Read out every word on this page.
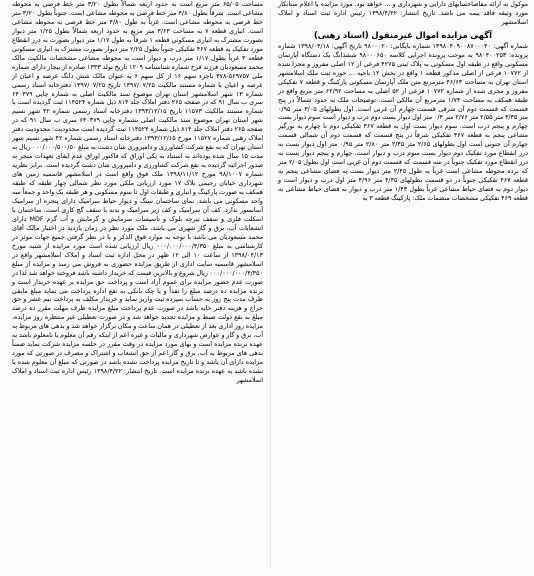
موکول به ارائه مفاصاحسابهای دارایی و شهرداری و ... خواهد بود. مورد مزایده با اعلام ستانکار مورد وثیقه فاقد بیمه می باشد. تاریخ انتشار: ۱۳۹۸/۴/۲۲ رئیس اداره ثبت اسناد و املاک اسلامشهر
آگهی مزایده اموال غیرمنقول (اسناد رهنی)
شماره آگهی: ۱۳۹۸۰۴۰۹۰۰۸۷۰۰۰۴۰ شماره بایگانی: ۹۸۰۰۰۲۰ تاریخ آگهی: ۱۳۹۸/۰۴/۱۸ شماره پرونده: ۹۸۰۴۰۰۲۵۳ به موجب پرونده اجرایی کلاسه ۹۸۰۰۰۶۵۰ ششدانگ یک دستگاه آپارتمان مسکونی واقع در طبقه اول مسکونی به پلاک ثبتی ۴۲۷۵ فرعی از ۱۲ اصلی مفروز و مجزا شده از ۱۰۷۷۲ فرعی از اصلی مذکور قطعه ۱ واقع در بخش ۱۲ ناحیه ... حوزه ثبت ملک اسلامشهر استان تهران به مساحت ۴۶/۶۳ مترمربع متن ملک آپارتمان مسکونی پارکینگ و قطعه ۷ تفکیکی مفروز و مجزی شده از شماره ۱۰۷۷۲ فرعی از ۵۲ اصلی به مساحت ۶۲/۹۲ متر مربع واقع در طبقه همکف به مساحت ۱/۷۴ مترمربع آن مالکی است. توضیحات ملک به حدود شمالاً در پنج قسمت که قسمت دوم آن شرقی قسمت چهارم آن غربی است. اول بطولهای ۳/۰۵ متر ۰/۹۵ متر ۳/۳۵ متر ۲/۵۵ متر ۲/۷۶ متر ۰/۴ متر اول دیوار بست دوم درب و دیوار است سوم دیوار بست چهارم و پنجم درب است. سوم دیوار بست اول به قطعه ۴۶۷ تفکیکی دوم تا چهارم به نورگیر مشاعی پنجم به قطعه ۴۶۷ تفکیکی شرقاً در پنج قسمت که قسمت دوم آن شمالی قسمت چهارم آن جنوبی است اول بطولهای ۲/۶۵ متر ۲/۴۵ متر ۲/۸۰ متر ۰/۹۵ متر اول دیوار بست به درز انقطاع مورد تفکیک دوم دیوار بست سوم درب و دیوار است. چهارم و پنجم دیوار بست به درز انقطاع مورد تفکیک جنوباً در سه قسمت که قسمت دوم آن غربی است اول بطول ۲/۰۵ متر که نرده محوطه مشاعی است غرباً به طول ۲/۴۵ متر دیوار بست به فضای مشاعی پنجم به قطعه ۴۶۷ تفکیکی جنوباً در دو قسمت بطولهای ۴/۴۵ متر ۴/۹۶ متر اول درب و دیوار است و دیوار دوم به فضای حیاط مشاعی غرباً بطول ۱/۴۳ متر درب و دیوار به فضای حیاط مشاعی به قطعه ۴۶۹ تفکیکی مشخصات منضمات ملک: پارکینگ قطعه ۳ به
مساحت ۶۵/۰۵ متر مربع است به حدود اربعه شمالاً بطول ۳/۲۰ متر خط فرضی به محوطه مشاعی است. شرقاً بطول ۴/۸۰ متر خط فرضی به محوطه مشاعی است. جنوباً بطول ۳/۲۰ متر خط فرضی به محوطه مشاعی است. غرباً به طول ۴/۸۰ متر خط فرضی به محوطه مشاعی است. انباری قطعه ۷ به مساحت ۳/۶۳ متر مربع به حدود اربعه شمالاً بطول ۱/۲۵ متر دیوار بصورت مشترک به انباری مسکونی قطعه ۱ شرقاً به طول ۱/۱۷ متر دیوار بصورت به درز انقطاع مورد تفکیک به قطعه ۴۶۷ تفکیکی جنوباً بطول ۲/۲۵ متر دیوار بصورت مشترک به انباری مسکونی قطعه ۳ غرباً بطول ۱/۱۷ متر درب و دیوار است به محوطه مشاعی مشخصات مالکیت مالک محمد مسعودیان فرزند فرخ شماره شناسنامه ۱۲۰۹ تاریخ تولد ۱۳۳۳ صادره از بیجار دارای شماره ملی ۵۶۹۷۵۷-۳۷۸ باجزء سهم ۱۶ از کل سهم ۶ به عنوان مالک شش دانگ عرصه و اعیان از عرصه و اعیان با شماره مستند مالکیت ۱۳۹۷/۰۷/۲۵ تاریخ ۱۳۹۷/۰۷/۲۵ دفترخانه اسناد رسمی شماره ۱۳ شهر اسلامشهر استان تهران موضوع سند مالکیت اصلی به شماره چاپی ۶۴۰۳۷۹ سری ب سال ۹۱ که در صفحه ۲۶۵ دفتر املاک جلد ۸۱۴ ذیل شماره ۱۱۴۵۲۴ ثبت گردیده است با شماره مستند مالکیت ۱۱۵۷۳ تاریخ ۱۳۹۳/۱۲/۱۵ دفترخانه اسناد رسمی شماره ۴۲ شهر نسیم شهر استان تهران موضوع سند مالکیت اصلی بشماره چاپی ۶۴۰۳۷۹ سری ب سال ۹۱ که در صفحه ۲۶۵ دفتر املاک جلد ۸۱۴ ذیل شماره ۱۱۴۵۲۴ ثبت گردیده است محدودیت: محدودیت دفتر املاک رهنی شماره ۱۱۵۲۷ مورخ ۱۳۹۳/۱۲/۱۵ دفترخانه اسناد رسمی شماره ۴۲ شهر نسیم شهر استان تهران که به نفع شرکت کشاورزی و دامپروری شان دشت به مبلغ ۰۰۰/۰۰۰/۵۰۰/۵۰ ریال به مدت ۱۵ سال شده بوده‌اند به استناد به یکی اوراق که فاکتور اوراق عدم ایفای تعهدات منجر به صدور اجرائیه گردیده به نفع شرکت کشاورزی و دامپروری شان دشت گردیده است. برابر نظریه شماره ۹۸/۱۰۰۷ مورخ ۱۳۹۸/۱۱/۱۲ ملک فوق واقع است در اسلامشهر قاسمیه زمین های شهرداری خیابان رحیمی بلاک ۱۷ مورد ارزیابی ملکی مورد نظر شمالی چهار طبقه که طبقه همکف به صورت پارکینگ و انباری و طبقات اول تا سوم مسکونی و هر طبقه یک واحد و جمعاً سه واحد مسکونی می باشد. نمای ساختمان سنگ و دیوار حیاط سرامیک دارای پنجره از سرامیک آسانسور ندارد. کف آن سرامیک و کف زیر سرامیک و بدنه با سقف گچ کاری است. ساختمان با اسکلت فلزی و سقف تیرچه بلوک و تاسیسات سرمایش و گرمایش و آب گرم MDF دارای انشعابات آب، برق و گاز شهری می باشد، ملک مورد نظر در زمان بازدید در اختیار مالک آقای محمد مسعودیان می باشد با توجه به موارد فوق الذکر و با در نظر گرفتن جمیع جهات موثر در کارشناسی به مبلغ ۰۰۰/۰۰۰/۰۰۰/۴/۳۵۰ ریال ارزیابی شده است مورد مزایده از شنبه مورخ ۱۳۹۸/۰۴/۱۳ از ساعت ۱۰ الی ۱۲ ظهر در محل اداره ثبت اسناد و املاک اسلامشهر واقع در اسلامشهر قاسمیه سایت اداری از طریق مزایده حضوری به فروش می رسد و مزایده از مبلغ ۰۰۰/۰۰۰/۰۰۰/۴/۳۵۰ ریال شروع و بالاترین قیمت که خریدار داشته باشد فروخته خواهد شد لذا در صورت عدم حضور مزایده برای عموم آزاد است و پرداخت حق مزایده بر عهده خریدار است و برنده مزایده ده درصد مبلغ را نقداً و یا چک بانکی به نفع اداره پرداخت می نماید مبلغ مابقی ظرف مدت پنج روز به حساب سپرده ثبت واریز نماید و خریدار مکلف به پرداخت نیم عشر و حق حراج و هزینه دفتر خانه باشد در صورت عدم پرداخت مبلغ مزایده ظرف مهلت مقرر ده درصد مبلغ به نفع دولت ضبط و مزایده تجدید خواهد شد و در صورت تعطیلی غیر منتظره روز مزایده، مزایده روز اداری بعد از تعطیلی در همان ساعت و مکان برگزار خواهد شد و بدهی های مربوط به آب، برق و گاز و عوارض شهرداری و مالیات و غیره اعم از اینکه رقم آن معلوم یا نامعلوم باشد به عهده برنده مزایده است و بهای مورد مزایده در وقت مقرر در جلسه مزایده شرکت نماید ضمناً بدهی های مربوط به آب، برق و گاز اعم از حق انشعاب و اشتراک و مصرف در صورتی که مورد مزایده دارای آن باشد و تا تاریخ مزایده پرداخت نشده باشد در صورتی که مبلغ آن معلوم شده یا نشده باشد به عهده برنده مزایده است. تاریخ انتشار: ۱۳۹۸/۴/۲۲ رئیس اداره ثبت اسناد و املاک اسلامشهر
